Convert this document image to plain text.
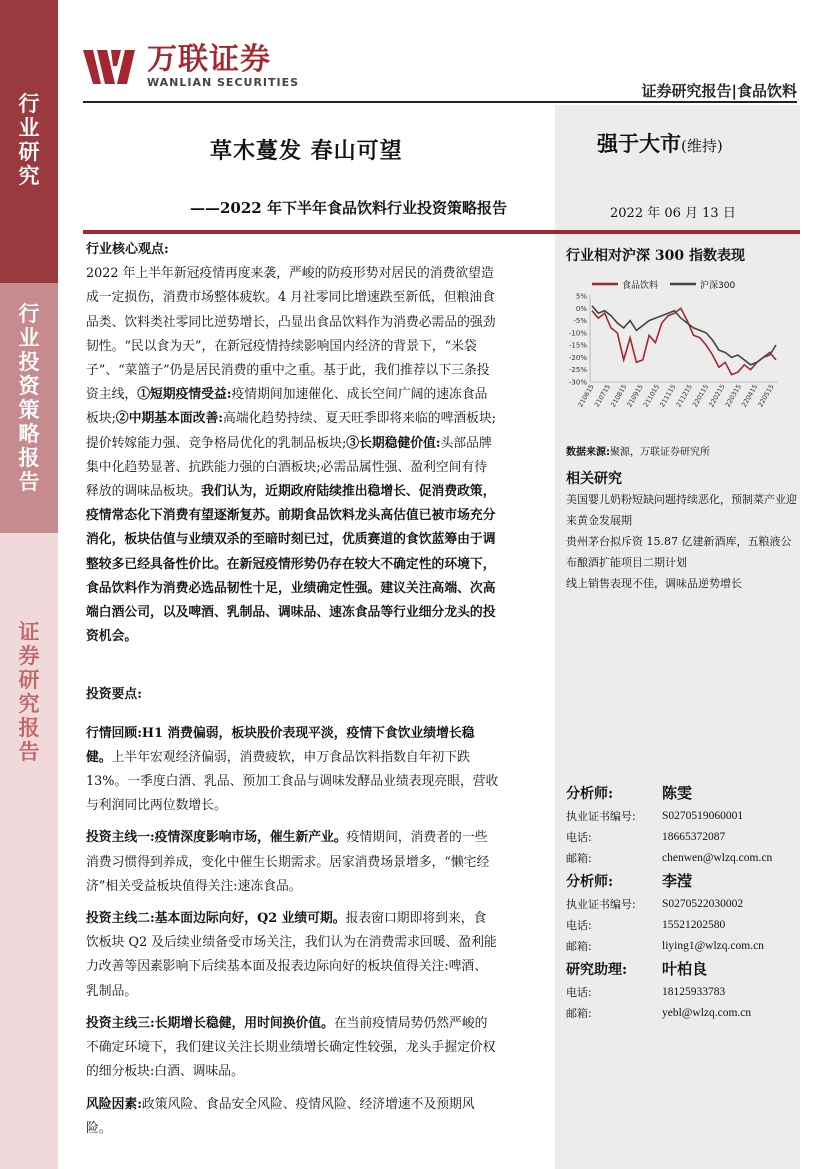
行
业
研
究
行
业
投
资
策
略
报
告
证
券
研
究
报
告
万联证券
WANLIAN SECURITIES	证券研究报告|食品饮料
强于大市(维持)
2022 年 06 月 13 日
草木蔓发 春山可望
——2022 年下半年食品饮料行业投资策略报告

行业核心观点:

2022 年上半年新冠疫情再度来袭，严峻的防疫形势对居民的消费欲望造成一定损伤，消费市场整体疲软。4 月社零同比增速跌至新低，但粮油食品类、饮料类社零同比逆势增长，凸显出食品饮料作为消费必需品的强劲韧性。“民以食为天”，在新冠疫情持续影响国内经济的背景下，“米袋子”、“菜篮子”仍是居民消费的重中之重。基于此，我们推荐以下三条投资主线，①短期疫情受益:疫情期间加速催化、成长空间广阔的速冻食品板块;②中期基本面改善:高端化趋势持续、夏天旺季即将来临的啤酒板块;提价转嫁能力强、竞争格局优化的乳制品板块;③长期稳健价值:头部品牌集中化趋势显著、抗跌能力强的白酒板块;必需品属性强、盈利空间有待释放的调味品板块。我们认为，近期政府陆续推出稳增长、促消费政策，疫情常态化下消费有望逐渐复苏。前期食品饮料龙头高估值已被市场充分消化，板块估值与业绩双杀的至暗时刻已过，优质赛道的食饮蓝筹由于调整较多已经具备性价比。在新冠疫情形势仍存在较大不确定性的环境下，食品饮料作为消费必选品韧性十足，业绩确定性强。建议关注高端、次高端白酒公司，以及啤酒、乳制品、调味品、速冻食品等行业细分龙头的投资机会。

投资要点:

行情回顾:H1 消费偏弱，板块股价表现平淡，疫情下食饮业绩增长稳健。上半年宏观经济偏弱，消费疲软，申万食品饮料指数自年初下跌 13%。一季度白酒、乳品、预加工食品与调味发酵品业绩表现亮眼，营收与利润同比两位数增长。

投资主线一:疫情深度影响市场，催生新产业。疫情期间，消费者的一些消费习惯得到养成，变化中催生长期需求。居家消费场景增多，“懒宅经济”相关受益板块值得关注:速冻食品。

投资主线二:基本面边际向好，Q2 业绩可期。报表窗口期即将到来，食饮板块 Q2 及后续业绩备受市场关注，我们认为在消费需求回暖、盈利能力改善等因素影响下后续基本面及报表边际向好的板块值得关注:啤酒、乳制品。

投资主线三:长期增长稳健，用时间换价值。在当前疫情局势仍然严峻的不确定环境下，我们建议关注长期业绩增长确定性较强，龙头手握定价权的细分板块:白酒、调味品。

风险因素:政策风险、食品安全风险、疫情风险、经济增速不及预期风险。

行业相对沪深 300 指数表现
食品饮料	沪深300
5%
0%
-5%
-10%
-15%
-20%
-25%
-30%
210615
210715
210815
210915
211015
211115
211215
220115
220215
220315
220415
220515
数据来源:聚源，万联证券研究所
相关研究
美国婴儿奶粉短缺问题持续恶化，预制菜产业迎来黄金发展期
贵州茅台拟斥资 15.87 亿建新酒库，五粮液公布酿酒扩能项目二期计划
线上销售表现不佳，调味品逆势增长
分析师:	陈雯
执业证书编号:	S0270519060001
电话:	18665372087
邮箱:	chenwen@wlzq.com.cn
分析师:	李滢
执业证书编号:	S0270522030002
电话:	15521202580
邮箱:	liying1@wlzq.com.cn
研究助理:	叶柏良
电话:	18125933783
邮箱:	yebl@wlzq.com.cn
